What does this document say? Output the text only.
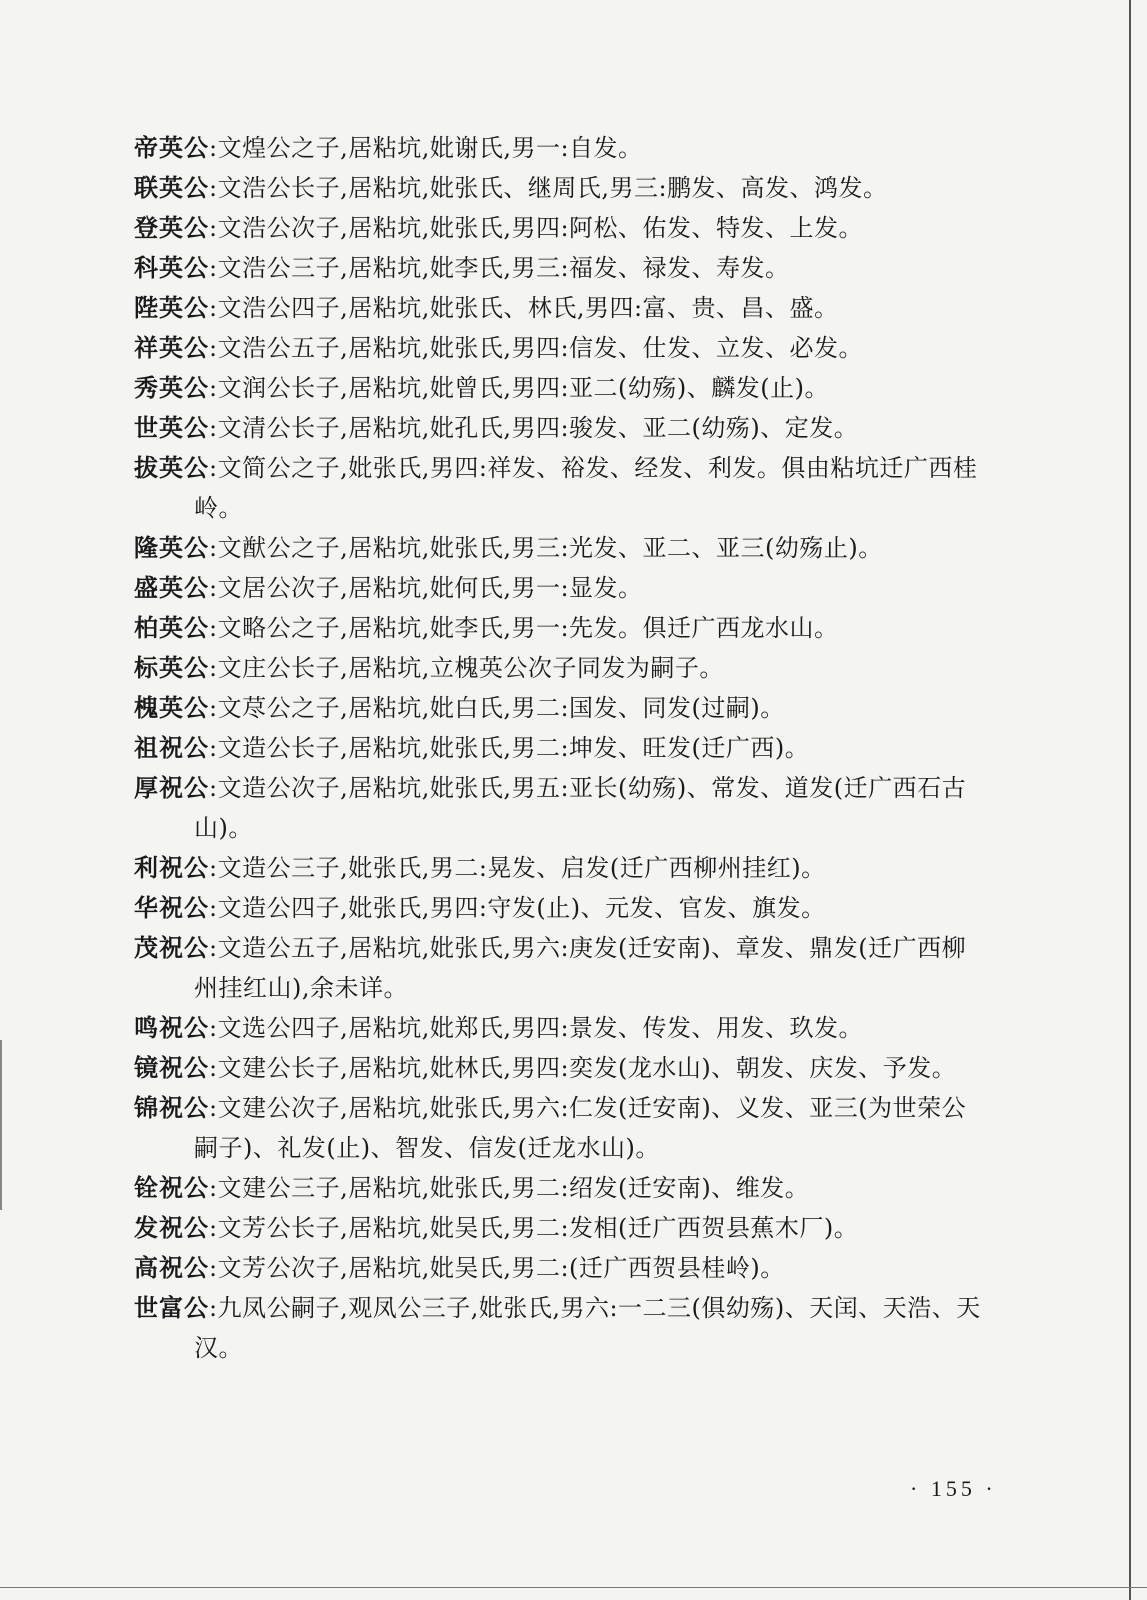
帝英公:文煌公之子,居粘坑,妣谢氏,男一:自发。
联英公:文浩公长子,居粘坑,妣张氏、继周氏,男三:鹏发、高发、鸿发。
登英公:文浩公次子,居粘坑,妣张氏,男四:阿松、佑发、特发、上发。
科英公:文浩公三子,居粘坑,妣李氏,男三:福发、禄发、寿发。
陛英公:文浩公四子,居粘坑,妣张氏、林氏,男四:富、贵、昌、盛。
祥英公:文浩公五子,居粘坑,妣张氏,男四:信发、仕发、立发、必发。
秀英公:文润公长子,居粘坑,妣曾氏,男四:亚二(幼殇)、麟发(止)。
世英公:文清公长子,居粘坑,妣孔氏,男四:骏发、亚二(幼殇)、定发。
拔英公:文简公之子,妣张氏,男四:祥发、裕发、经发、利发。俱由粘坑迁广西桂
岭。
隆英公:文猷公之子,居粘坑,妣张氏,男三:光发、亚二、亚三(幼殇止)。
盛英公:文居公次子,居粘坑,妣何氏,男一:显发。
柏英公:文略公之子,居粘坑,妣李氏,男一:先发。俱迁广西龙水山。
标英公:文庄公长子,居粘坑,立槐英公次子同发为嗣子。
槐英公:文荩公之子,居粘坑,妣白氏,男二:国发、同发(过嗣)。
祖祝公:文造公长子,居粘坑,妣张氏,男二:坤发、旺发(迁广西)。
厚祝公:文造公次子,居粘坑,妣张氏,男五:亚长(幼殇)、常发、道发(迁广西石古
山)。
利祝公:文造公三子,妣张氏,男二:晃发、启发(迁广西柳州挂红)。
华祝公:文造公四子,妣张氏,男四:守发(止)、元发、官发、旗发。
茂祝公:文造公五子,居粘坑,妣张氏,男六:庚发(迁安南)、章发、鼎发(迁广西柳
州挂红山),余未详。
鸣祝公:文选公四子,居粘坑,妣郑氏,男四:景发、传发、用发、玖发。
镜祝公:文建公长子,居粘坑,妣林氏,男四:奕发(龙水山)、朝发、庆发、予发。
锦祝公:文建公次子,居粘坑,妣张氏,男六:仁发(迁安南)、义发、亚三(为世荣公
嗣子)、礼发(止)、智发、信发(迁龙水山)。
铨祝公:文建公三子,居粘坑,妣张氏,男二:绍发(迁安南)、维发。
发祝公:文芳公长子,居粘坑,妣吴氏,男二:发相(迁广西贺县蕉木厂)。
高祝公:文芳公次子,居粘坑,妣吴氏,男二:(迁广西贺县桂岭)。
世富公:九凤公嗣子,观凤公三子,妣张氏,男六:一二三(俱幼殇)、天闰、天浩、天
汉。
· 155 ·
